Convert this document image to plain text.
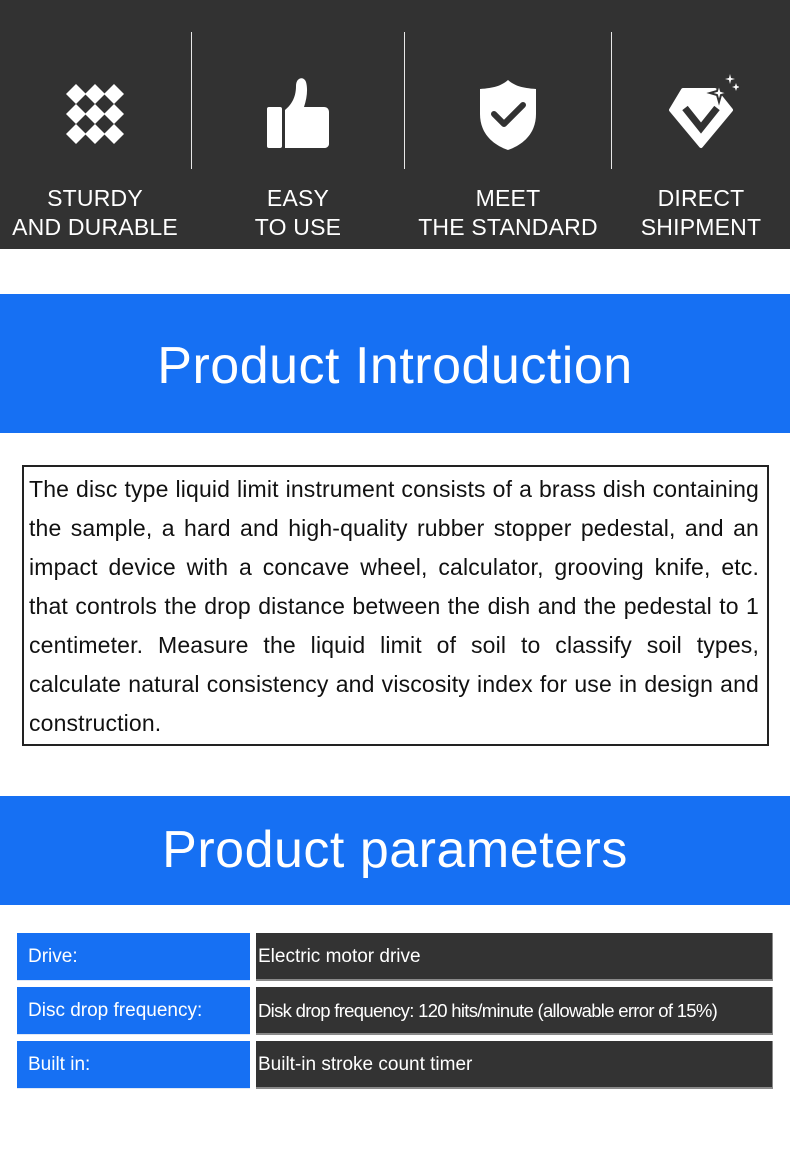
STURDY
AND DURABLE
EASY
TO USE
MEET
THE STANDARD
DIRECT
SHIPMENT
Product Introduction

The disc type liquid limit instrument consists of a brass dish containing the sample, a hard and high-quality rubber stopper pedestal, and an impact device with a concave wheel, calculator, grooving knife, etc. that controls the drop distance between the dish and the pedestal to 1 centimeter. Measure the liquid limit of soil to classify soil types, calculate natural consistency and viscosity index for use in design and construction.

Product parameters
Drive:	Electric motor drive
Disc drop frequency:	Disk drop frequency: 120 hits/minute (allowable error of 15%)
Built in:	Built-in stroke count timer
